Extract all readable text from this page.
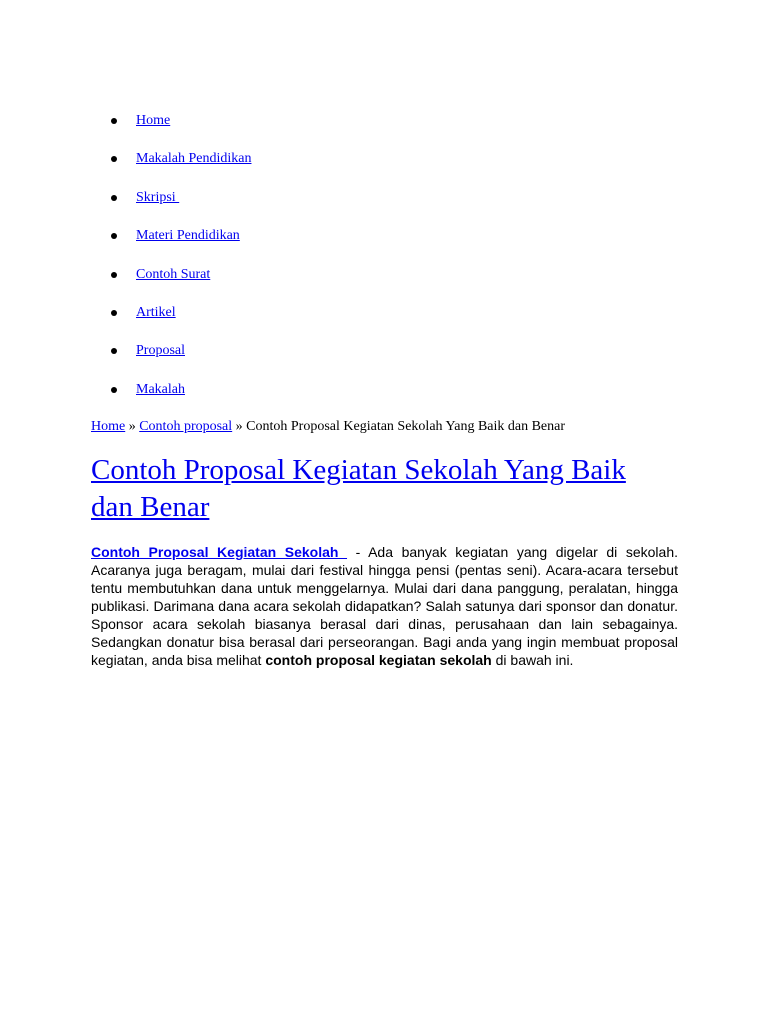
Home
Makalah Pendidikan
Skripsi
Materi Pendidikan
Contoh Surat
Artikel
Proposal
Makalah
Home » Contoh proposal » Contoh Proposal Kegiatan Sekolah Yang Baik dan Benar
Contoh Proposal Kegiatan Sekolah Yang Baik dan Benar

Contoh Proposal Kegiatan Sekolah  - Ada banyak kegiatan yang digelar di sekolah. Acaranya juga beragam, mulai dari festival hingga pensi (pentas seni). Acara-acara tersebut tentu membutuhkan dana untuk menggelarnya. Mulai dari dana panggung, peralatan, hingga publikasi. Darimana dana acara sekolah didapatkan? Salah satunya dari sponsor dan donatur. Sponsor acara sekolah biasanya berasal dari dinas, perusahaan dan lain sebagainya. Sedangkan donatur bisa berasal dari perseorangan. Bagi anda yang ingin membuat proposal kegiatan, anda bisa melihat contoh proposal kegiatan sekolah di bawah ini.
